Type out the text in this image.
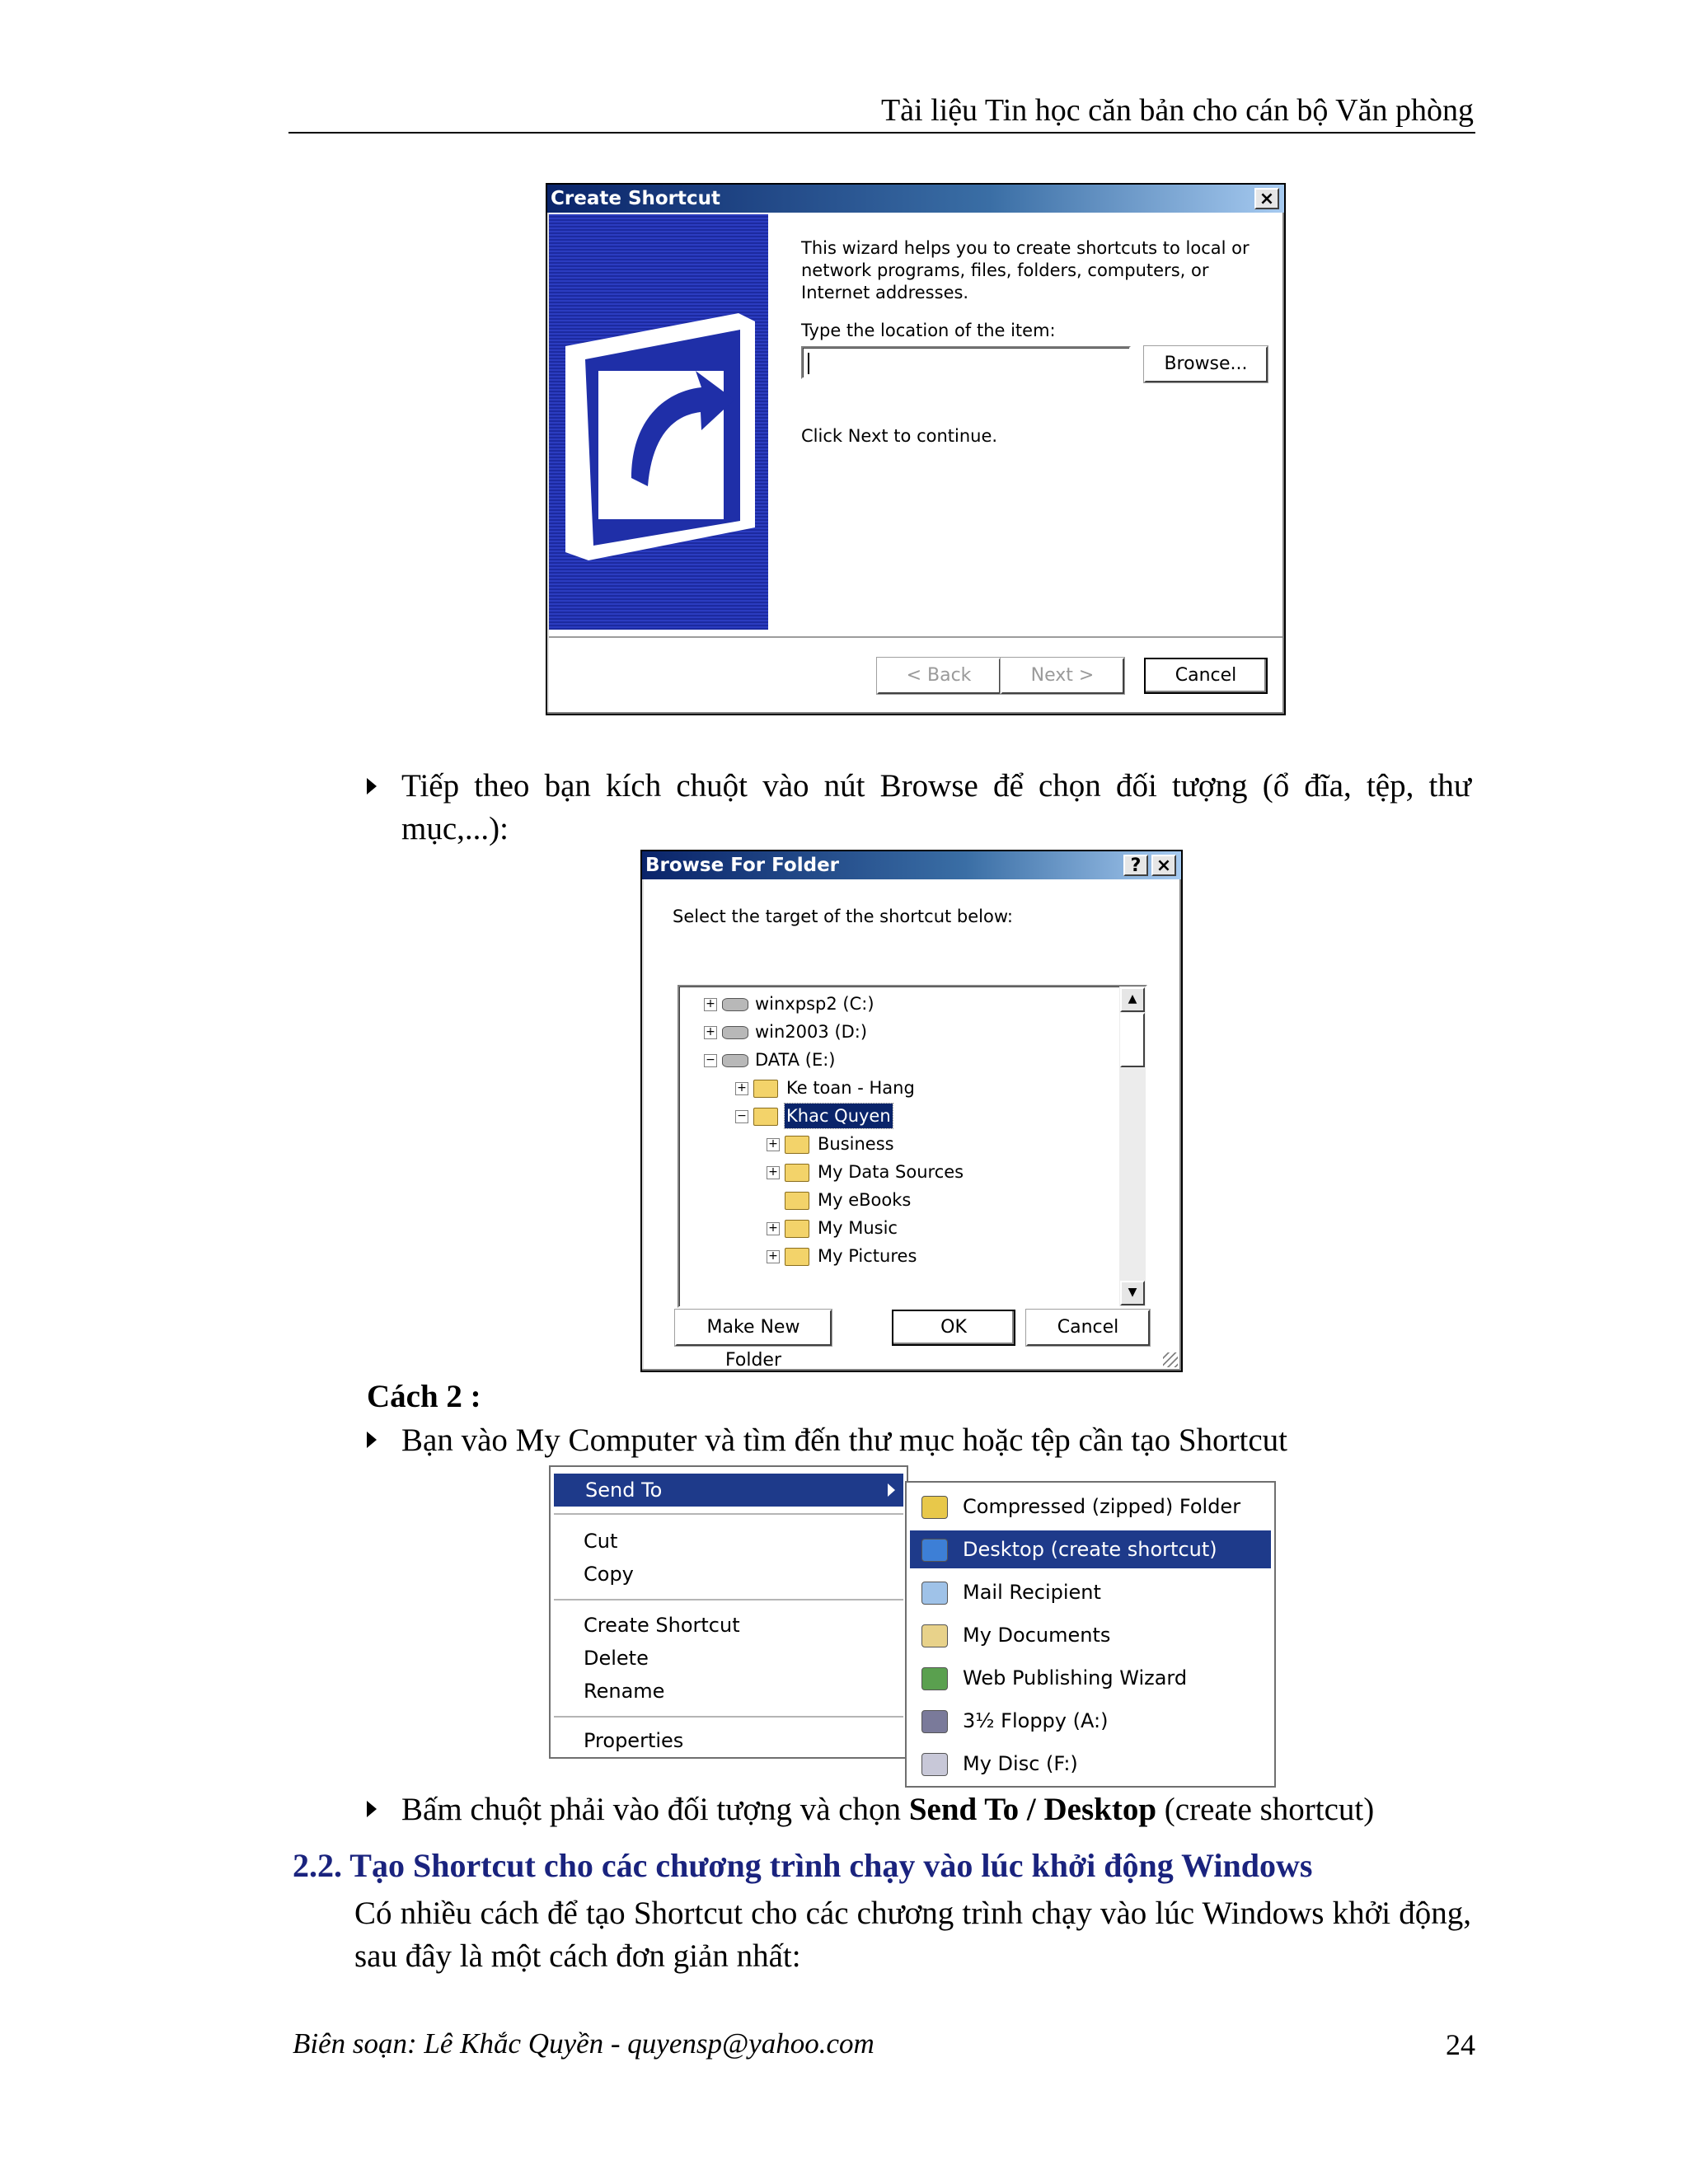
Tài liệu Tin học căn bản cho cán bộ Văn phòng
Create Shortcut	×
This wizard helps you to create shortcuts to local or network programs, files, folders, computers, or Internet addresses.
Type the location of the item:
Browse...
Click Next to continue.
< Back	Next >	Cancel
Tiếp theo bạn kích chuột vào nút Browse để chọn đối tượng (ổ đĩa, tệp, thư mục,...):
Browse For Folder	? ×
Select the target of the shortcut below:
+ winxpsp2 (C:)
+ win2003 (D:)
− DATA (E:)
+ Ke toan - Hang
− Khac Quyen
+ Business
+ My Data Sources
My eBooks
+ My Music
+ My Pictures
▲
▼
Make New Folder
OK	Cancel
Cách 2 :
Bạn vào My Computer và tìm đến thư mục hoặc tệp cần tạo Shortcut
Send To
Cut
Copy
Create Shortcut
Delete
Rename
Properties
Compressed (zipped) Folder
Desktop (create shortcut)
Mail Recipient
My Documents
Web Publishing Wizard
3½ Floppy (A:)
My Disc (F:)
Bấm chuột phải vào đối tượng và chọn Send To / Desktop (create shortcut)
2.2. Tạo Shortcut cho các chương trình chạy vào lúc khởi động Windows
Có nhiều cách để tạo Shortcut cho các chương trình chạy vào lúc Windows khởi động, sau đây là một cách đơn giản nhất:
Biên soạn: Lê Khắc Quyền - quyensp@yahoo.com	24
